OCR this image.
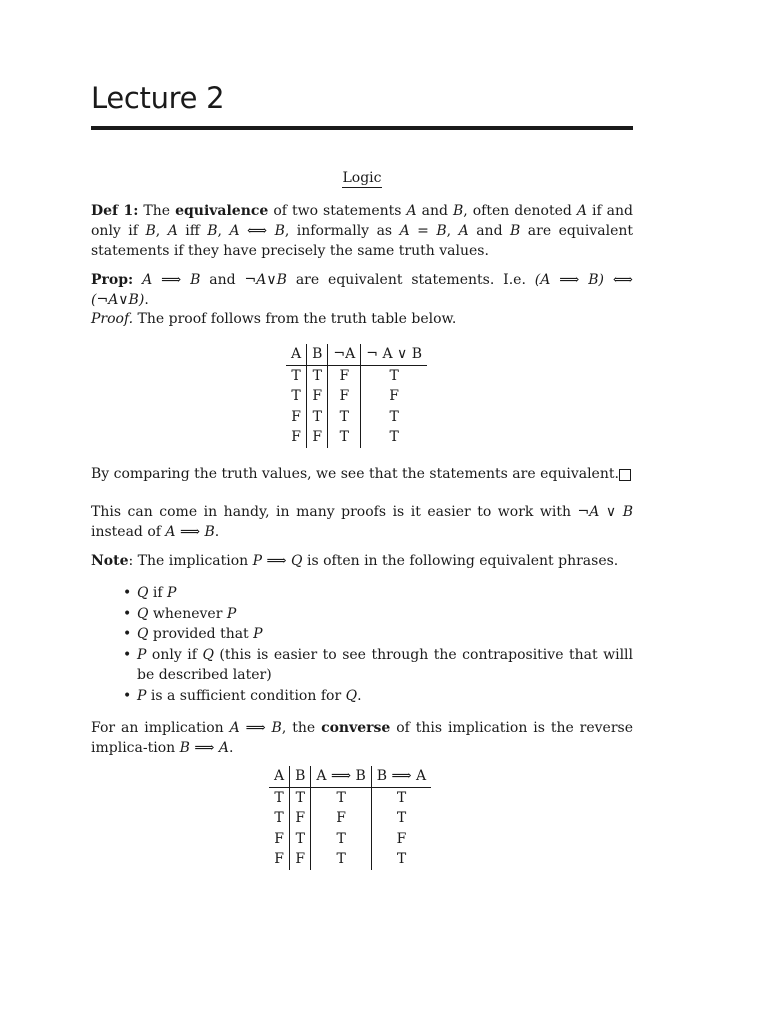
Lecture 2
Logic

Def 1: The equivalence of two statements A and B, often denoted A if and only if B, A iff B, A ⟺ B, informally as A = B, A and B are equivalent statements if they have precisely the same truth values.

Prop: A ⟹ B and ¬A∨B are equivalent statements. I.e. (A ⟹ B) ⟺ (¬A∨B).

Proof. The proof follows from the truth table below.

A	B	¬A	¬ A ∨ B
T	T	F	T
T	F	F	F
F	T	T	T
F	F	T	T

By comparing the truth values, we see that the statements are equivalent.

This can come in handy, in many proofs is it easier to work with ¬A ∨ B instead of A ⟹ B.

Note: The implication P ⟹ Q is often in the following equivalent phrases.

• Q if P
• Q whenever P
• Q provided that P
• P only if Q (this is easier to see through the contrapositive that willl be described later)
• P is a sufficient condition for Q.

For an implication A ⟹ B, the converse of this implication is the reverse implica-tion B ⟹ A.

A	B	A ⟹ B	B ⟹ A
T	T	T	T
T	F	F	T
F	T	T	F
F	F	T	T
